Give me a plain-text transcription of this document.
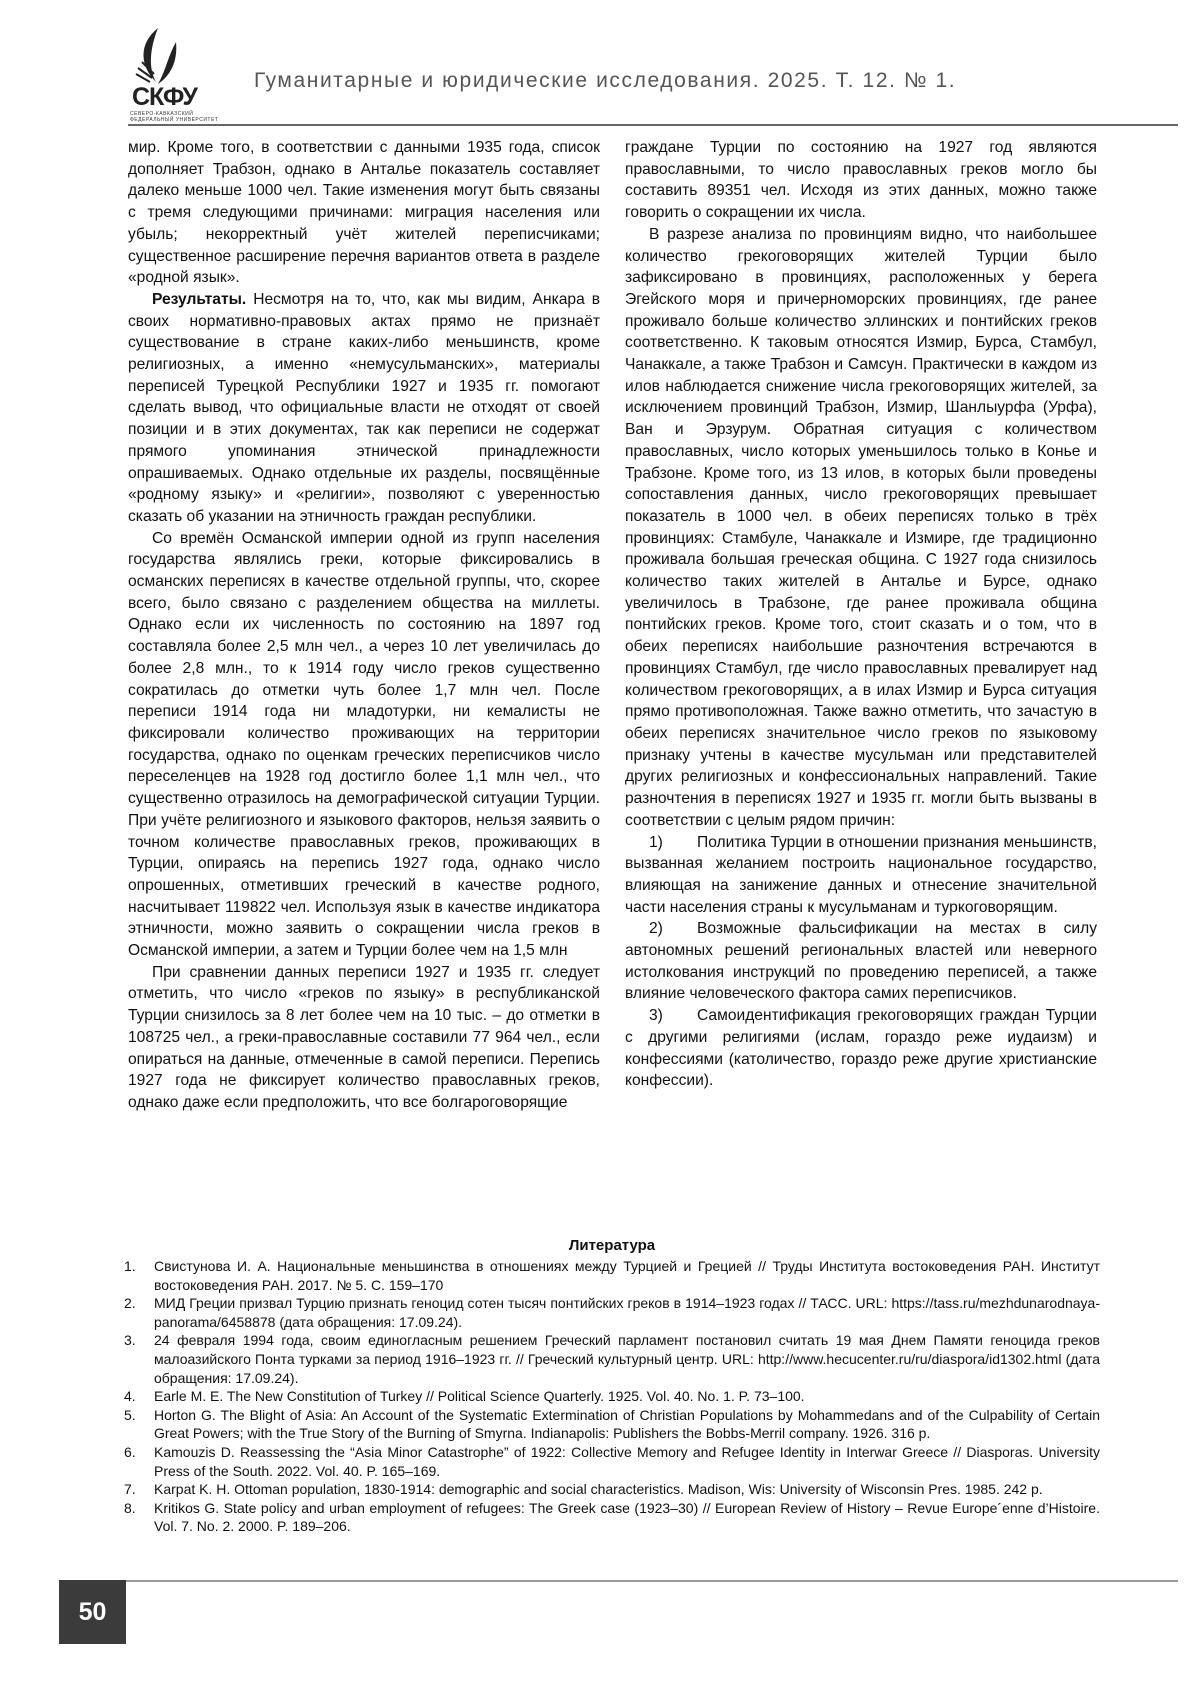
СКФУ
СЕВЕРО-КАВКАЗСКИЙ ФЕДЕРАЛЬНЫЙ УНИВЕРСИТЕТ
Гуманитарные и юридические исследования. 2025. Т. 12. № 1.

мир. Кроме того, в соответствии с данными 1935 года, список дополняет Трабзон, однако в Анталье показатель составляет далеко меньше 1000 чел. Такие изменения могут быть связаны с тремя следующими причинами: миграция населения или убыль; некорректный учёт жителей переписчиками; существенное расширение перечня вариантов ответа в разделе «родной язык».

Результаты. Несмотря на то, что, как мы видим, Анкара в своих нормативно-правовых актах прямо не признаёт существование в стране каких-либо меньшинств, кроме религиозных, а именно «немусульманских», материалы переписей Турецкой Республики 1927 и 1935 гг. помогают сделать вывод, что официальные власти не отходят от своей позиции и в этих документах, так как переписи не содержат прямого упоминания этнической принадлежности опрашиваемых. Однако отдельные их разделы, посвящённые «родному языку» и «религии», позволяют с уверенностью сказать об указании на этничность граждан республики.

Со времён Османской империи одной из групп населения государства являлись греки, которые фиксировались в османских переписях в качестве отдельной группы, что, скорее всего, было связано с разделением общества на миллеты. Однако если их численность по состоянию на 1897 год составляла более 2,5 млн чел., а через 10 лет увеличилась до более 2,8 млн., то к 1914 году число греков существенно сократилась до отметки чуть более 1,7 млн чел. После переписи 1914 года ни младотурки, ни кемалисты не фиксировали количество проживающих на территории государства, однако по оценкам греческих переписчиков число переселенцев на 1928 год достигло более 1,1 млн чел., что существенно отразилось на демографической ситуации Турции. При учёте религиозного и языкового факторов, нельзя заявить о точном количестве православных греков, проживающих в Турции, опираясь на перепись 1927 года, однако число опрошенных, отметивших греческий в качестве родного, насчитывает 119822 чел. Используя язык в качестве индикатора этничности, можно заявить о сокращении числа греков в Османской империи, а затем и Турции более чем на 1,5 млн

При сравнении данных переписи 1927 и 1935 гг. следует отметить, что число «греков по языку» в республиканской Турции снизилось за 8 лет более чем на 10 тыс. – до отметки в 108725 чел., а греки-православные составили 77 964 чел., если опираться на данные, отмеченные в самой переписи. Перепись 1927 года не фиксирует количество православных греков, однако даже если предположить, что все болгароговорящие

граждане Турции по состоянию на 1927 год являются православными, то число православных греков могло бы составить 89351 чел. Исходя из этих данных, можно также говорить о сокращении их числа.

В разрезе анализа по провинциям видно, что наибольшее количество грекоговорящих жителей Турции было зафиксировано в провинциях, расположенных у берега Эгейского моря и причерноморских провинциях, где ранее проживало больше количество эллинских и понтийских греков соответственно. К таковым относятся Измир, Бурса, Стамбул, Чанаккале, а также Трабзон и Самсун. Практически в каждом из илов наблюдается снижение числа грекоговорящих жителей, за исключением провинций Трабзон, Измир, Шанлыурфа (Урфа), Ван и Эрзурум. Обратная ситуация с количеством православных, число которых уменьшилось только в Конье и Трабзоне. Кроме того, из 13 илов, в которых были проведены сопоставления данных, число грекоговорящих превышает показатель в 1000 чел. в обеих переписях только в трёх провинциях: Стамбуле, Чанаккале и Измире, где традиционно проживала большая греческая община. С 1927 года снизилось количество таких жителей в Анталье и Бурсе, однако увеличилось в Трабзоне, где ранее проживала община понтийских греков. Кроме того, стоит сказать и о том, что в обеих переписях наибольшие разночтения встречаются в провинциях Стамбул, где число православных превалирует над количеством грекоговорящих, а в илах Измир и Бурса ситуация прямо противоположная. Также важно отметить, что зачастую в обеих переписях значительное число греков по языковому признаку учтены в качестве мусульман или представителей других религиозных и конфессиональных направлений. Такие разночтения в переписях 1927 и 1935 гг. могли быть вызваны в соответствии с целым рядом причин:

1) Политика Турции в отношении признания меньшинств, вызванная желанием построить национальное государство, влияющая на занижение данных и отнесение значительной части населения страны к мусульманам и туркоговорящим.

2) Возможные фальсификации на местах в силу автономных решений региональных властей или неверного истолкования инструкций по проведению переписей, а также влияние человеческого фактора самих переписчиков.

3) Самоидентификация грекоговорящих граждан Турции с другими религиями (ислам, гораздо реже иудаизм) и конфессиями (католичество, гораздо реже другие христианские конфессии).

Литература
1. Свистунова И. А. Национальные меньшинства в отношениях между Турцией и Грецией // Труды Института востоковедения РАН. Институт востоковедения РАН. 2017. № 5. С. 159–170
2. МИД Греции призвал Турцию признать геноцид сотен тысяч понтийских греков в 1914–1923 годах // ТАСС. URL: https://tass.ru/mezhdunarodnaya-panorama/6458878 (дата обращения: 17.09.24).
3. 24 февраля 1994 года, своим единогласным решением Греческий парламент постановил считать 19 мая Днем Памяти геноцида греков малоазийского Понта турками за период 1916–1923 гг. // Греческий культурный центр. URL: http://www.hecucenter.ru/ru/diaspora/id1302.html (дата обращения: 17.09.24).
4. Earle M. E. The New Constitution of Turkey // Political Science Quarterly. 1925. Vol. 40. No. 1. P. 73–100.
5. Horton G. The Blight of Asia: An Account of the Systematic Extermination of Christian Populations by Mohammedans and of the Culpability of Certain Great Powers; with the True Story of the Burning of Smyrna. Indianapolis: Publishers the Bobbs-Merril company. 1926. 316 p.
6. Kamouzis D. Reassessing the “Asia Minor Catastrophe” of 1922: Collective Memory and Refugee Identity in Interwar Greece // Diasporas. University Press of the South. 2022. Vol. 40. P. 165–169.
7. Karpat K. H. Ottoman population, 1830-1914: demographic and social characteristics. Madison, Wis: University of Wisconsin Pres. 1985. 242 p.
8. Kritikos G. State policy and urban employment of refugees: The Greek case (1923–30) // European Review of History – Revue Europe´enne d’Histoire. Vol. 7. No. 2. 2000. P. 189–206.
50
